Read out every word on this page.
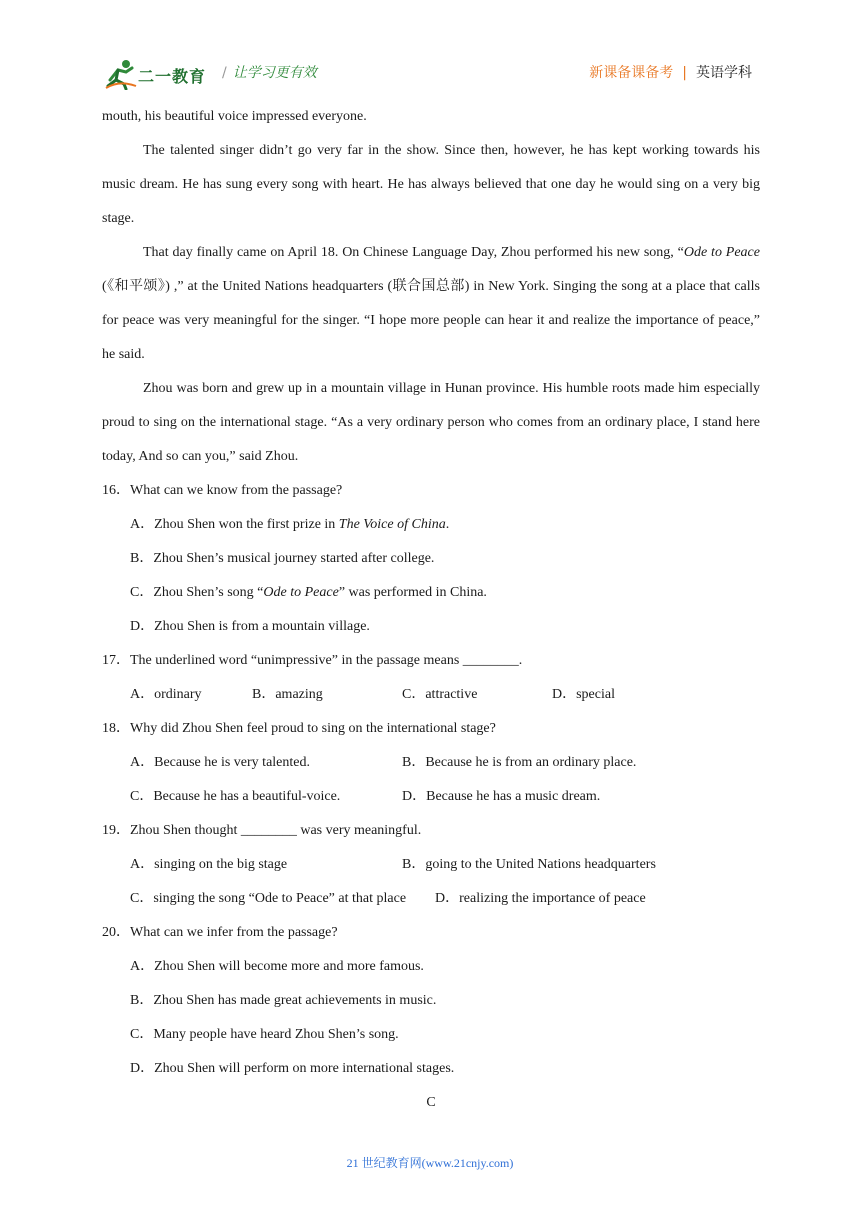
二一教育 / 让学习更有效	新课备课备考 | 英语学科

mouth, his beautiful voice impressed everyone.

The talented singer didn’t go very far in the show. Since then, however, he has kept working towards his music dream. He has sung every song with heart. He has always believed that one day he would sing on a very big stage.

That day finally came on April 18. On Chinese Language Day, Zhou performed his new song, “Ode to Peace (《和平颂》) ,” at the United Nations headquarters (联合国总部) in New York. Singing the song at a place that calls for peace was very meaningful for the singer. “I hope more people can hear it and realize the importance of peace,” he said.

Zhou was born and grew up in a mountain village in Hunan province. His humble roots made him especially proud to sing on the international stage. “As a very ordinary person who comes from an ordinary place, I stand here today, And so can you,” said Zhou.

16．What can we know from the passage?

A．Zhou Shen won the first prize in The Voice of China.

B．Zhou Shen’s musical journey started after college.

C．Zhou Shen’s song “Ode to Peace” was performed in China.

D．Zhou Shen is from a mountain village.

17．The underlined word “unimpressive” in the passage means ________.

A．ordinary	B．amazing	C．attractive	D．special

18．Why did Zhou Shen feel proud to sing on the international stage?

A．Because he is very talented.	B．Because he is from an ordinary place.
C．Because he has a beautiful-voice.	D．Because he has a music dream.

19．Zhou Shen thought ________ was very meaningful.

A．singing on the big stage	B．going to the United Nations headquarters
C．singing the song “Ode to Peace” at that place D．realizing the importance of peace

20．What can we infer from the passage?

A．Zhou Shen will become more and more famous.

B．Zhou Shen has made great achievements in music.

C．Many people have heard Zhou Shen’s song.

D．Zhou Shen will perform on more international stages.

C

21 世纪教育网(www.21cnjy.com)
